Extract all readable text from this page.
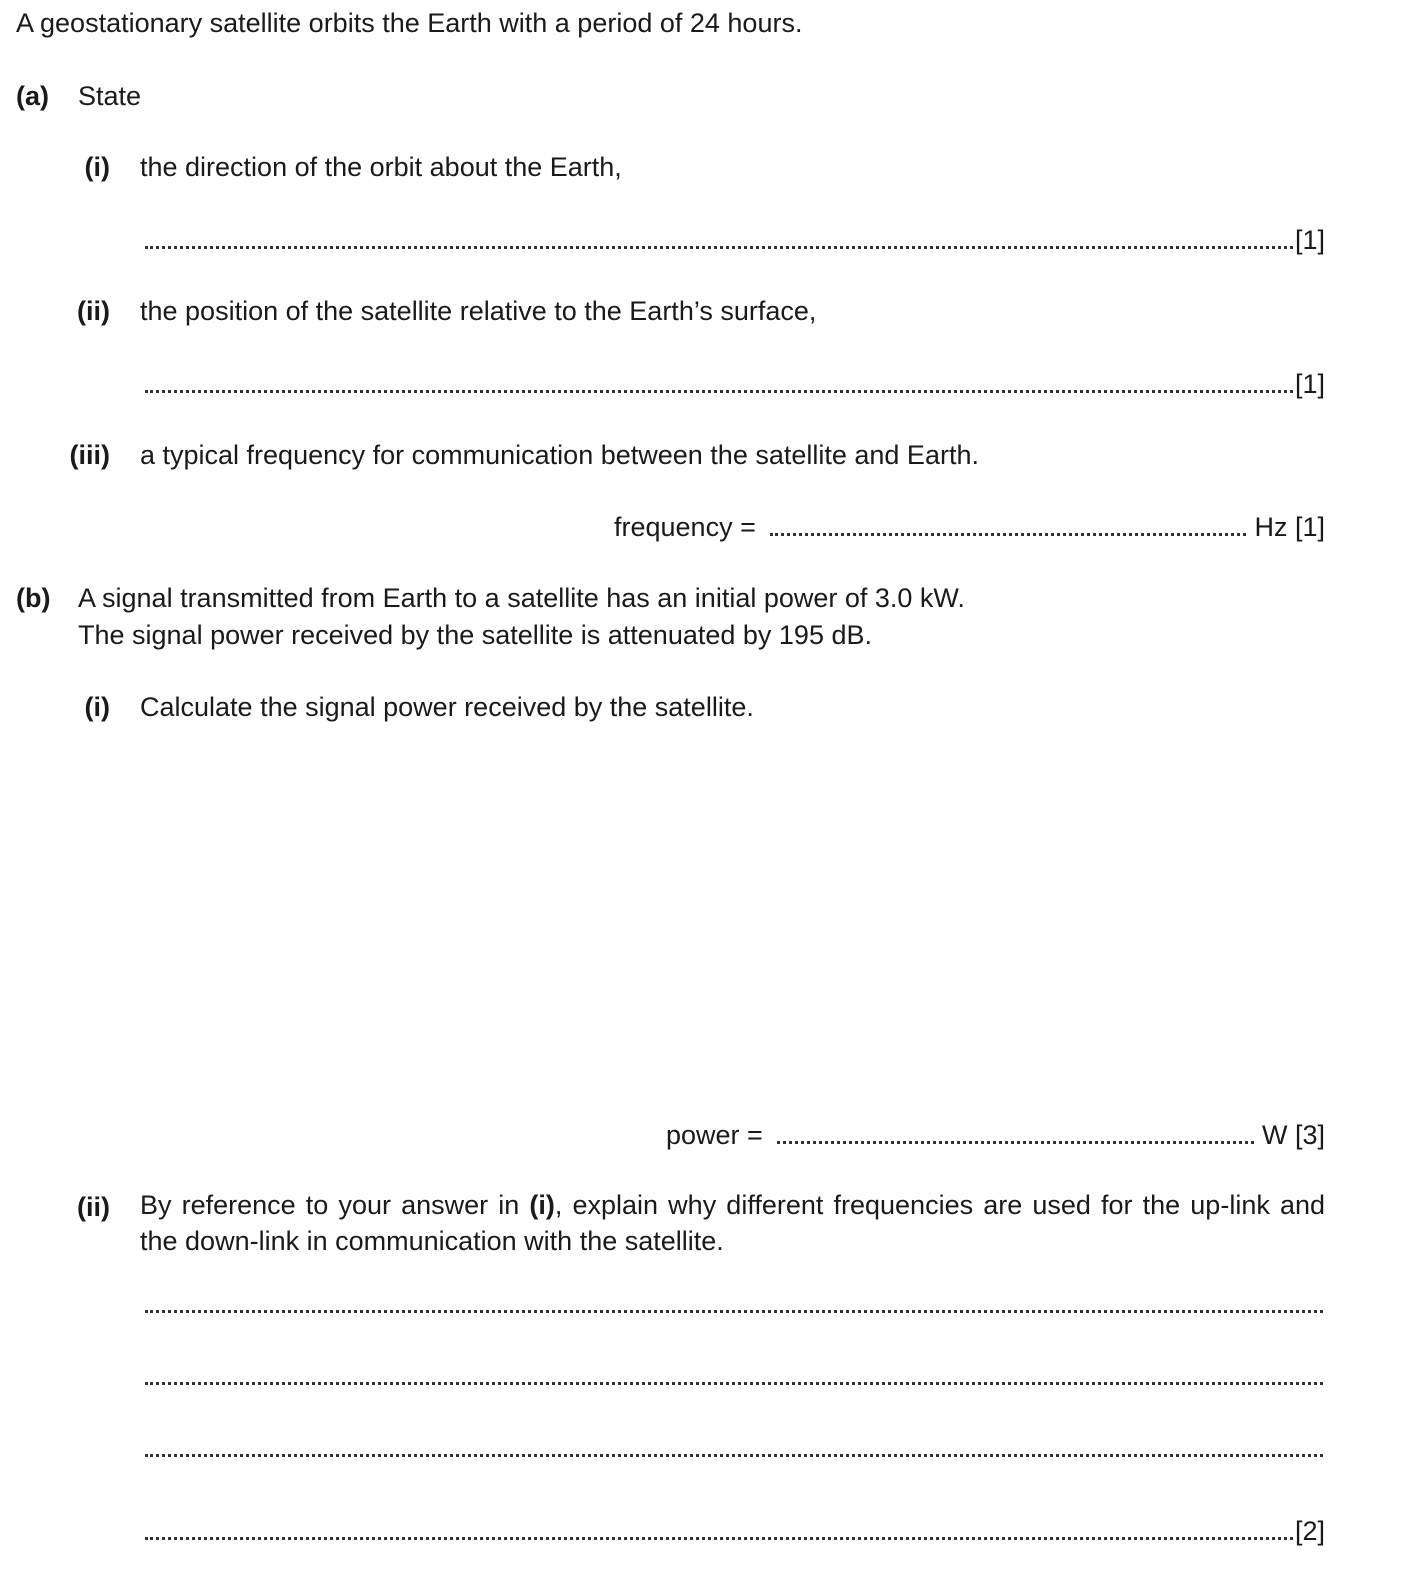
A geostationary satellite orbits the Earth with a period of 24 hours.
(a) State
(i) the direction of the orbit about the Earth,
[1]
(ii) the position of the satellite relative to the Earth’s surface,
[1]
(iii) a typical frequency for communication between the satellite and Earth.
frequency =	Hz [1]
(b) A signal transmitted from Earth to a satellite has an initial power of 3.0 kW.
The signal power received by the satellite is attenuated by 195 dB.
(i) Calculate the signal power received by the satellite.
power =	W [3]
(ii) By reference to your answer in (i), explain why different frequencies are used for the up-link and the down-link in communication with the satellite.
[2]
